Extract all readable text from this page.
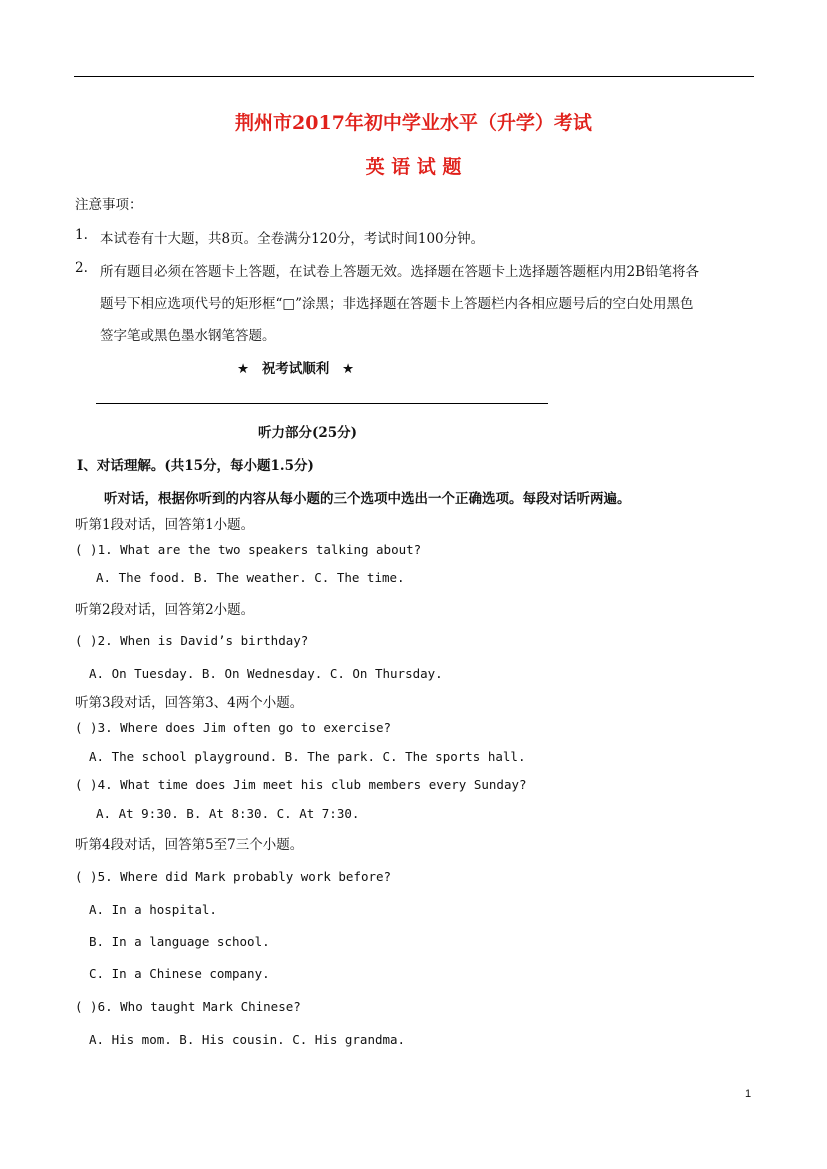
荆州市2017年初中学业水平（升学）考试
英 语 试 题
注意事项：
1. 本试卷有十大题，共8页。全卷满分120分，考试时间100分钟。
2. 所有题目必须在答题卡上答题，在试卷上答题无效。选择题在答题卡上选择题答题框内用2B铅笔将各
题号下相应选项代号的矩形框“□”涂黑；非选择题在答题卡上答题栏内各相应题号后的空白处用黑色
签字笔或黑色墨水钢笔答题。
★ 祝考试顺利 ★
听力部分(25分)
Ⅰ、对话理解。(共15分，每小题1.5分)
听对话，根据你听到的内容从每小题的三个选项中选出一个正确选项。每段对话听两遍。
听第1段对话，回答第1小题。
( )1. What are the two speakers talking about?
A. The food. B. The weather. C. The time.
听第2段对话，回答第2小题。
( )2. When is David’s birthday?
A. On Tuesday. B. On Wednesday. C. On Thursday.
听第3段对话，回答第3、4两个小题。
( )3. Where does Jim often go to exercise?
A. The school playground. B. The park. C. The sports hall.
( )4. What time does Jim meet his club members every Sunday?
A. At 9:30. B. At 8:30. C. At 7:30.
听第4段对话，回答第5至7三个小题。
( )5. Where did Mark probably work before?
A. In a hospital.
B. In a language school.
C. In a Chinese company.
( )6. Who taught Mark Chinese?
A. His mom. B. His cousin. C. His grandma.
1
